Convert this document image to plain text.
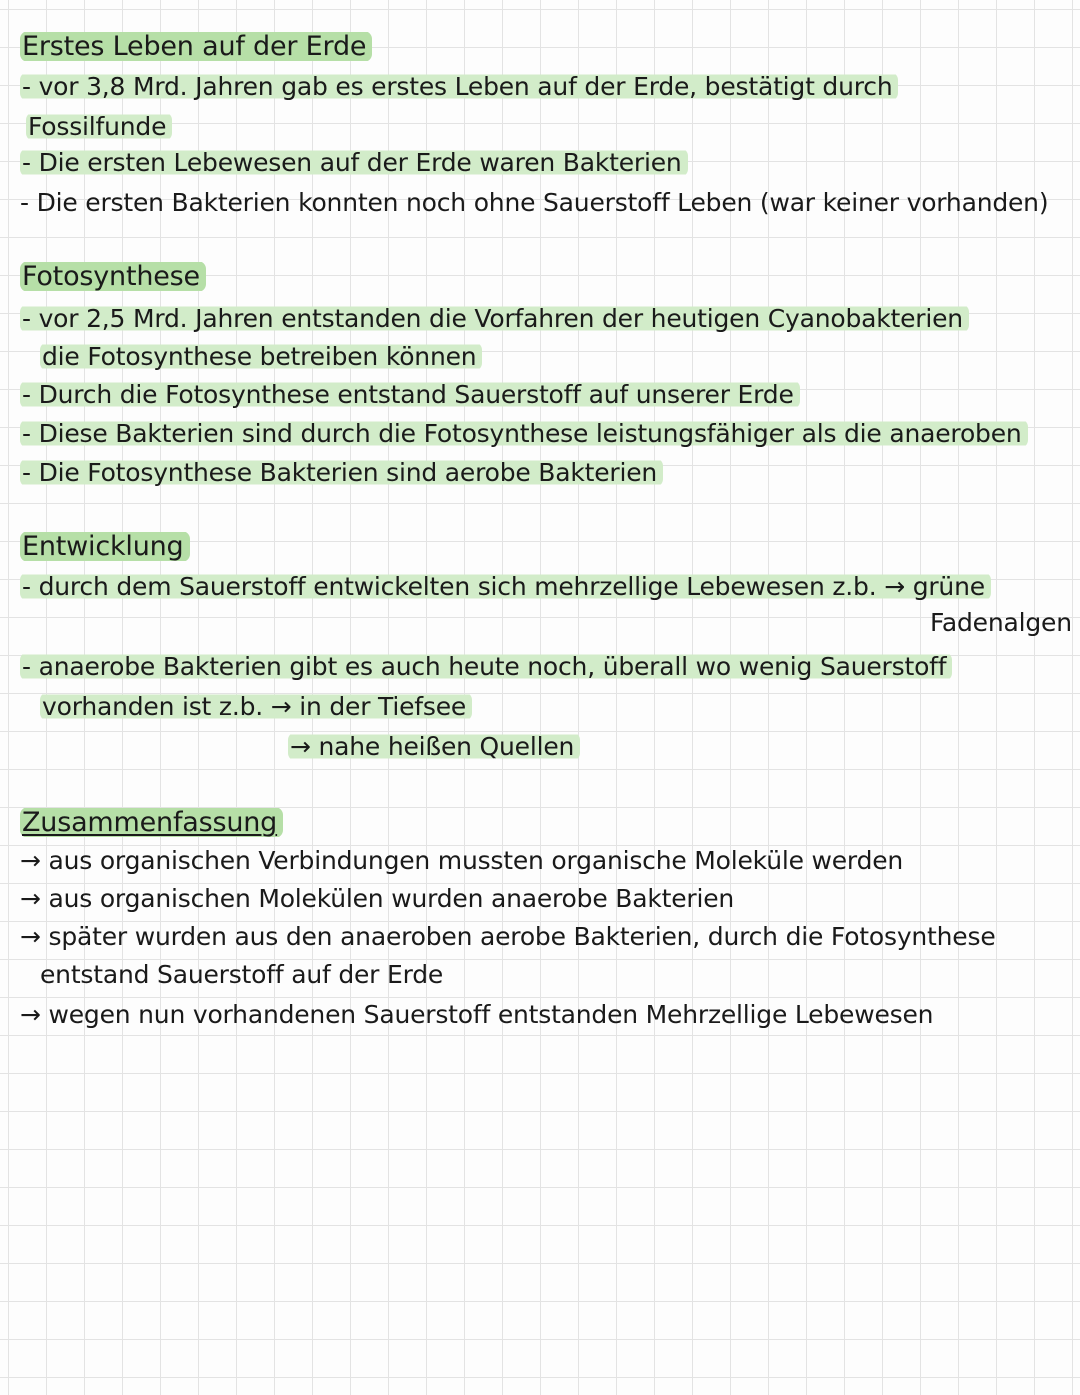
Erstes Leben auf der Erde
- vor 3,8 Mrd. Jahren gab es erstes Leben auf der Erde, bestätigt durch
Fossilfunde
- Die ersten Lebewesen auf der Erde waren Bakterien
- Die ersten Bakterien konnten noch ohne Sauerstoff Leben (war keiner vorhanden)
Fotosynthese
- vor 2,5 Mrd. Jahren entstanden die Vorfahren der heutigen Cyanobakterien
die Fotosynthese betreiben können
- Durch die Fotosynthese entstand Sauerstoff auf unserer Erde
- Diese Bakterien sind durch die Fotosynthese leistungsfähiger als die anaeroben
- Die Fotosynthese Bakterien sind aerobe Bakterien
Entwicklung
- durch dem Sauerstoff entwickelten sich mehrzellige Lebewesen z.b. → grüne
Fadenalgen
- anaerobe Bakterien gibt es auch heute noch, überall wo wenig Sauerstoff
vorhanden ist z.b. → in der Tiefsee
→ nahe heißen Quellen
Zusammenfassung
→ aus organischen Verbindungen mussten organische Moleküle werden
→ aus organischen Molekülen wurden anaerobe Bakterien
→ später wurden aus den anaeroben aerobe Bakterien, durch die Fotosynthese
entstand Sauerstoff auf der Erde
→ wegen nun vorhandenen Sauerstoff entstanden Mehrzellige Lebewesen
